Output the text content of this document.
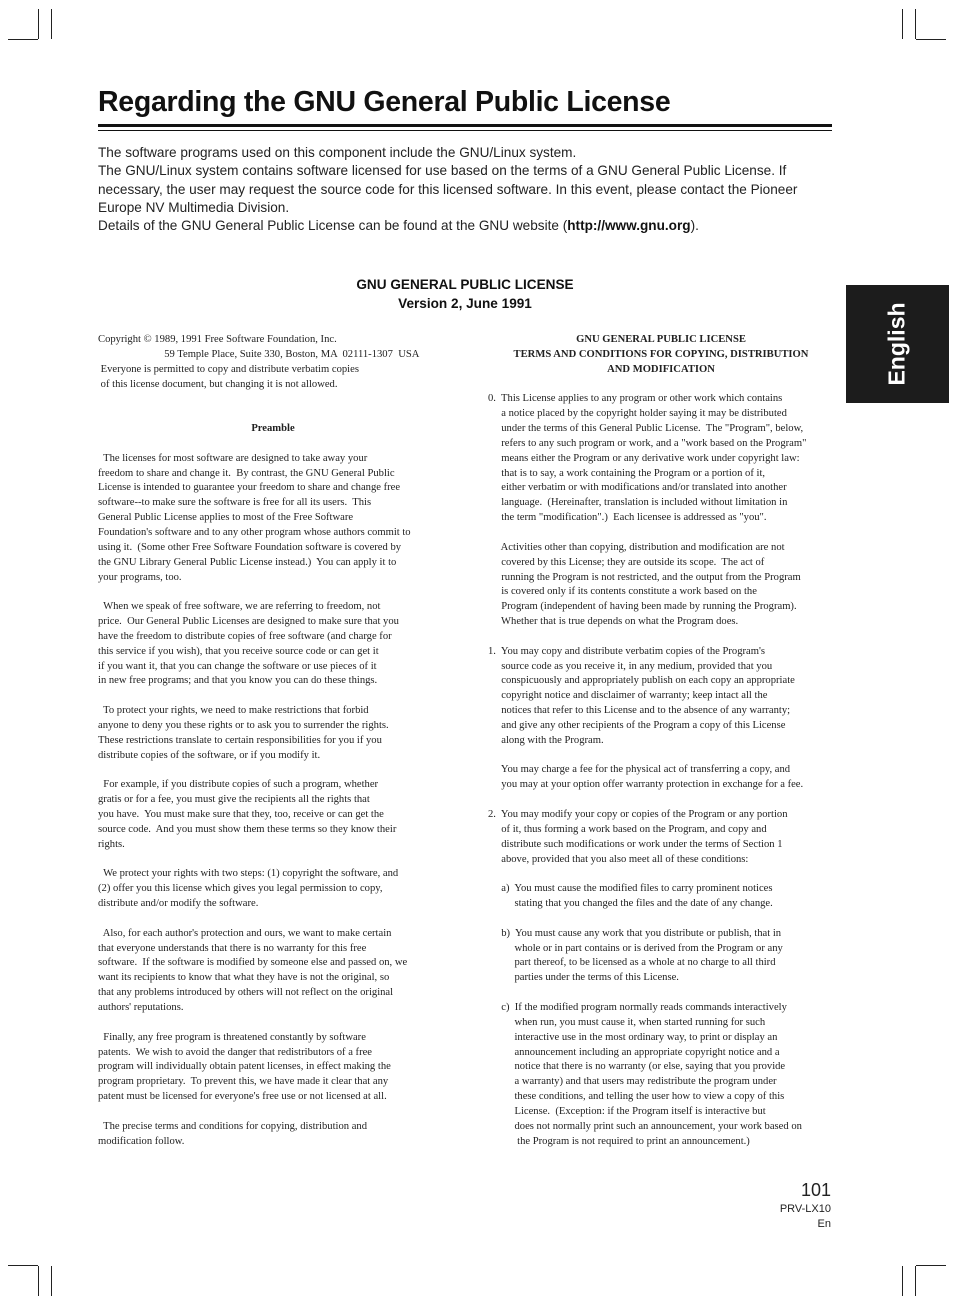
Regarding the GNU General Public License

The software programs used on this component include the GNU/Linux system.

The GNU/Linux system contains software licensed for use based on the terms of a GNU General Public License. If necessary, the user may request the source code for this licensed software. In this event, please contact the Pioneer Europe NV Multimedia Division.

Details of the GNU General Public License can be found at the GNU website (http://www.gnu.org).

GNU GENERAL PUBLIC LICENSE
Version 2, June 1991	English
Copyright © 1989, 1991 Free Software Foundation, Inc.
59 Temple Place, Suite 330, Boston, MA  02111-1307  USA
Everyone is permitted to copy and distribute verbatim copies
of this license document, but changing it is not allowed.
Preamble
The licenses for most software are designed to take away your
freedom to share and change it.  By contrast, the GNU General Public
License is intended to guarantee your freedom to share and change free
software--to make sure the software is free for all its users.  This
General Public License applies to most of the Free Software
Foundation's software and to any other program whose authors commit to
using it.  (Some other Free Software Foundation software is covered by
the GNU Library General Public License instead.)  You can apply it to
your programs, too.
When we speak of free software, we are referring to freedom, not
price.  Our General Public Licenses are designed to make sure that you
have the freedom to distribute copies of free software (and charge for
this service if you wish), that you receive source code or can get it
if you want it, that you can change the software or use pieces of it
in new free programs; and that you know you can do these things.
To protect your rights, we need to make restrictions that forbid
anyone to deny you these rights or to ask you to surrender the rights.
These restrictions translate to certain responsibilities for you if you
distribute copies of the software, or if you modify it.
For example, if you distribute copies of such a program, whether
gratis or for a fee, you must give the recipients all the rights that
you have.  You must make sure that they, too, receive or can get the
source code.  And you must show them these terms so they know their
rights.
We protect your rights with two steps: (1) copyright the software, and
(2) offer you this license which gives you legal permission to copy,
distribute and/or modify the software.
Also, for each author's protection and ours, we want to make certain
that everyone understands that there is no warranty for this free
software.  If the software is modified by someone else and passed on, we
want its recipients to know that what they have is not the original, so
that any problems introduced by others will not reflect on the original
authors' reputations.
Finally, any free program is threatened constantly by software
patents.  We wish to avoid the danger that redistributors of a free
program will individually obtain patent licenses, in effect making the
program proprietary.  To prevent this, we have made it clear that any
patent must be licensed for everyone's free use or not licensed at all.
The precise terms and conditions for copying, distribution and
modification follow.
GNU GENERAL PUBLIC LICENSE
TERMS AND CONDITIONS FOR COPYING, DISTRIBUTION
AND MODIFICATION
0.  This License applies to any program or other work which contains
a notice placed by the copyright holder saying it may be distributed
under the terms of this General Public License.  The "Program", below,
refers to any such program or work, and a "work based on the Program"
means either the Program or any derivative work under copyright law:
that is to say, a work containing the Program or a portion of it,
either verbatim or with modifications and/or translated into another
language.  (Hereinafter, translation is included without limitation in
the term "modification".)  Each licensee is addressed as "you".
Activities other than copying, distribution and modification are not
covered by this License; they are outside its scope.  The act of
running the Program is not restricted, and the output from the Program
is covered only if its contents constitute a work based on the
Program (independent of having been made by running the Program).
Whether that is true depends on what the Program does.
1.  You may copy and distribute verbatim copies of the Program's
source code as you receive it, in any medium, provided that you
conspicuously and appropriately publish on each copy an appropriate
copyright notice and disclaimer of warranty; keep intact all the
notices that refer to this License and to the absence of any warranty;
and give any other recipients of the Program a copy of this License
along with the Program.
You may charge a fee for the physical act of transferring a copy, and
you may at your option offer warranty protection in exchange for a fee.
2.  You may modify your copy or copies of the Program or any portion
of it, thus forming a work based on the Program, and copy and
distribute such modifications or work under the terms of Section 1
above, provided that you also meet all of these conditions:
a)  You must cause the modified files to carry prominent notices
stating that you changed the files and the date of any change.
b)  You must cause any work that you distribute or publish, that in
whole or in part contains or is derived from the Program or any
part thereof, to be licensed as a whole at no charge to all third
parties under the terms of this License.
c)  If the modified program normally reads commands interactively
when run, you must cause it, when started running for such
interactive use in the most ordinary way, to print or display an
announcement including an appropriate copyright notice and a
notice that there is no warranty (or else, saying that you provide
a warranty) and that users may redistribute the program under
these conditions, and telling the user how to view a copy of this
License.  (Exception: if the Program itself is interactive but
does not normally print such an announcement, your work based on
the Program is not required to print an announcement.)
101
PRV-LX10
En
